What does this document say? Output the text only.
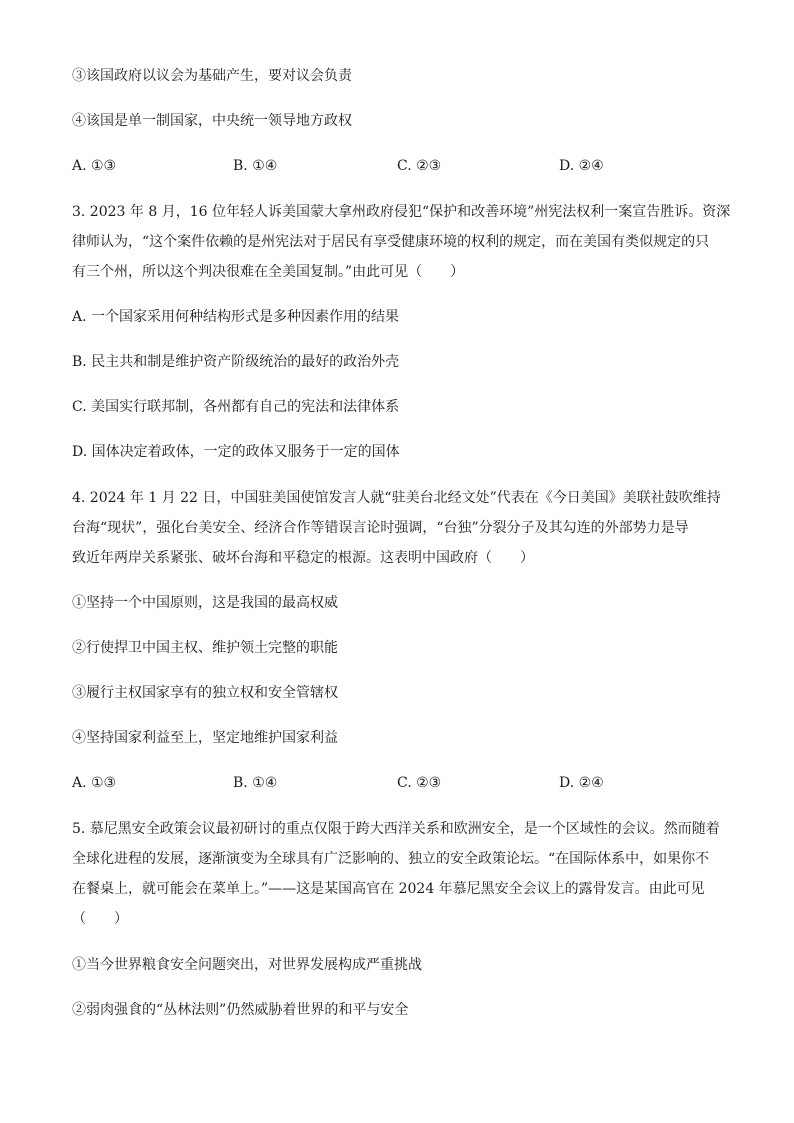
③该国政府以议会为基础产生，要对议会负责
④该国是单一制国家，中央统一领导地方政权
A. ①③	B. ①④	C. ②③	D. ②④
3. 2023 年 8 月，16 位年轻人诉美国蒙大拿州政府侵犯“保护和改善环境”州宪法权利一案宣告胜诉。资深
律师认为，“这个案件依赖的是州宪法对于居民有享受健康环境的权利的规定，而在美国有类似规定的只
有三个州，所以这个判决很难在全美国复制。”由此可见（　　）
A. 一个国家采用何种结构形式是多种因素作用的结果
B. 民主共和制是维护资产阶级统治的最好的政治外壳
C. 美国实行联邦制，各州都有自己的宪法和法律体系
D. 国体决定着政体，一定的政体又服务于一定的国体
4. 2024 年 1 月 22 日，中国驻美国使馆发言人就“驻美台北经文处”代表在《今日美国》美联社鼓吹维持
台海“现状”，强化台美安全、经济合作等错误言论时强调，“台独”分裂分子及其勾连的外部势力是导
致近年两岸关系紧张、破坏台海和平稳定的根源。这表明中国政府（　　）
①坚持一个中国原则，这是我国的最高权威
②行使捍卫中国主权、维护领土完整的职能
③履行主权国家享有的独立权和安全管辖权
④坚持国家利益至上，坚定地维护国家利益
A. ①③	B. ①④	C. ②③	D. ②④
5. 慕尼黑安全政策会议最初研讨的重点仅限于跨大西洋关系和欧洲安全，是一个区域性的会议。然而随着
全球化进程的发展，逐渐演变为全球具有广泛影响的、独立的安全政策论坛。“在国际体系中，如果你不
在餐桌上，就可能会在菜单上。”——这是某国高官在 2024 年慕尼黑安全会议上的露骨发言。由此可见
（　　）
①当今世界粮食安全问题突出，对世界发展构成严重挑战
②弱肉强食的“丛林法则”仍然威胁着世界的和平与安全
